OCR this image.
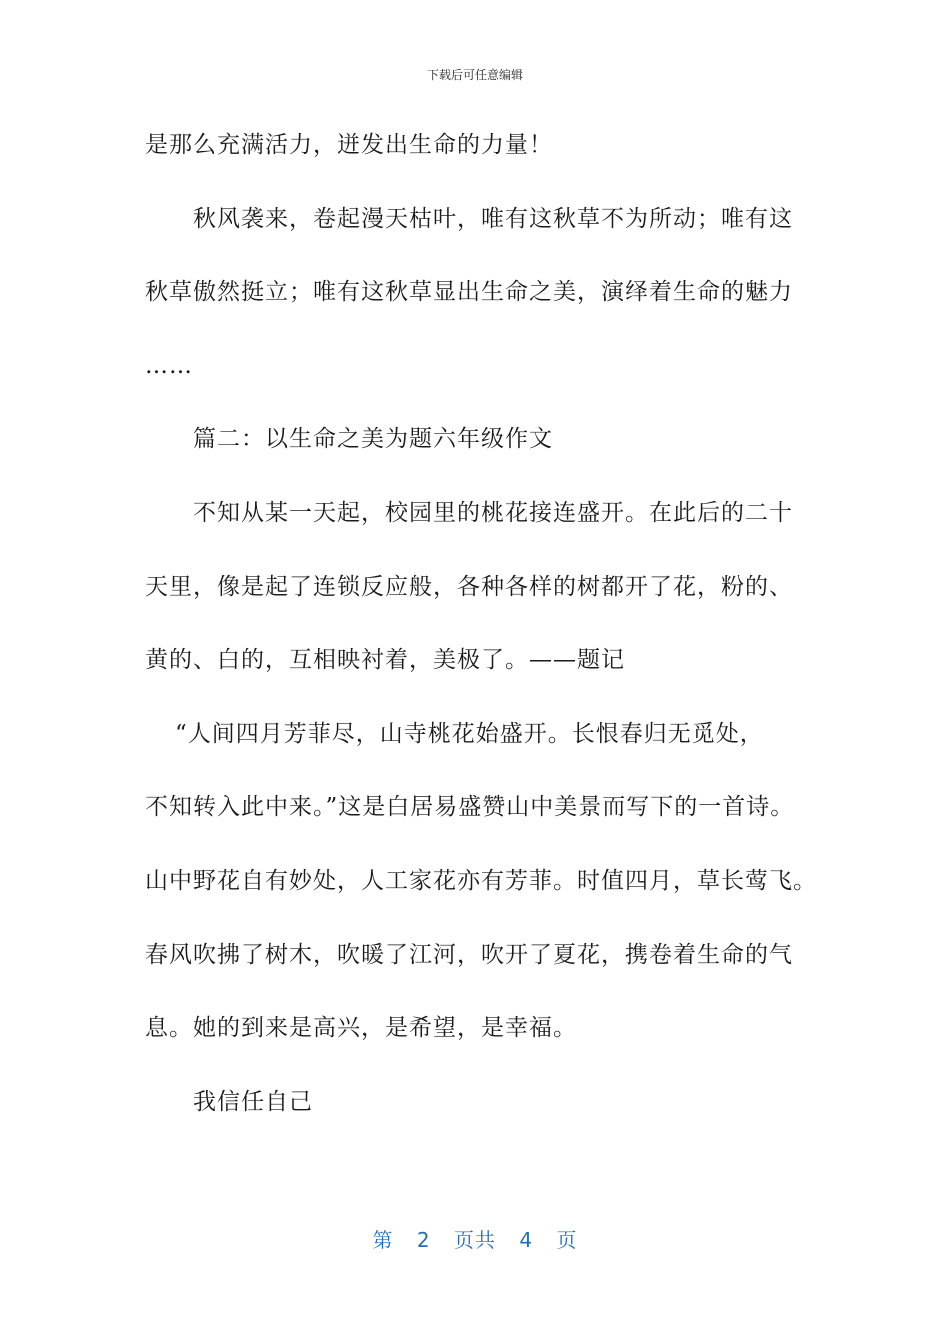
下载后可任意编辑
是那么充满活力，迸发出生命的力量！
秋风袭来，卷起漫天枯叶，唯有这秋草不为所动；唯有这
秋草傲然挺立；唯有这秋草显出生命之美，演绎着生命的魅力
……
篇二：以生命之美为题六年级作文
不知从某一天起，校园里的桃花接连盛开。在此后的二十
天里，像是起了连锁反应般，各种各样的树都开了花，粉的、
黄的、白的，互相映衬着，美极了。——题记
“人间四月芳菲尽，山寺桃花始盛开。长恨春归无觅处，
不知转入此中来。”这是白居易盛赞山中美景而写下的一首诗。
山中野花自有妙处，人工家花亦有芳菲。时值四月，草长莺飞。
春风吹拂了树木，吹暖了江河，吹开了夏花，携卷着生命的气
息。她的到来是高兴，是希望，是幸福。
我信任自己
第 2 页共 4 页
